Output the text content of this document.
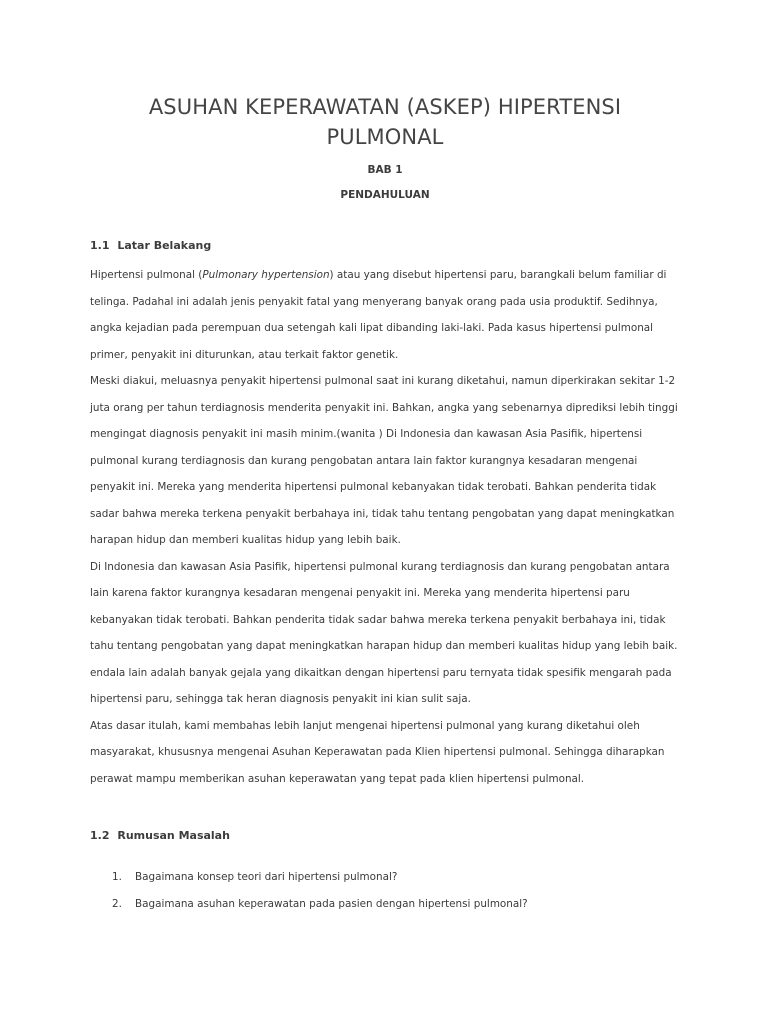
ASUHAN KEPERAWATAN (ASKEP) HIPERTENSI PULMONAL

BAB 1

PENDAHULUAN

1.1 Latar Belakang

Hipertensi pulmonal (Pulmonary hypertension) atau yang disebut hipertensi paru, barangkali belum familiar di telinga. Padahal ini adalah jenis penyakit fatal yang menyerang banyak orang pada usia produktif. Sedihnya, angka kejadian pada perempuan dua setengah kali lipat dibanding laki-laki. Pada kasus hipertensi pulmonal primer, penyakit ini diturunkan, atau terkait faktor genetik.

Meski diakui, meluasnya penyakit hipertensi pulmonal saat ini kurang diketahui, namun diperkirakan sekitar 1-2 juta orang per tahun terdiagnosis menderita penyakit ini. Bahkan, angka yang sebenarnya diprediksi lebih tinggi mengingat diagnosis penyakit ini masih minim.(wanita ) Di Indonesia dan kawasan Asia Pasifik, hipertensi pulmonal kurang terdiagnosis dan kurang pengobatan antara lain faktor kurangnya kesadaran mengenai penyakit ini. Mereka yang menderita hipertensi pulmonal kebanyakan tidak terobati. Bahkan penderita tidak sadar bahwa mereka terkena penyakit berbahaya ini, tidak tahu tentang pengobatan yang dapat meningkatkan harapan hidup dan memberi kualitas hidup yang lebih baik.

Di Indonesia dan kawasan Asia Pasifik, hipertensi pulmonal kurang terdiagnosis dan kurang pengobatan antara lain karena faktor kurangnya kesadaran mengenai penyakit ini. Mereka yang menderita hipertensi paru kebanyakan tidak terobati. Bahkan penderita tidak sadar bahwa mereka terkena penyakit berbahaya ini, tidak tahu tentang pengobatan yang dapat meningkatkan harapan hidup dan memberi kualitas hidup yang lebih baik. endala lain adalah banyak gejala yang dikaitkan dengan hipertensi paru ternyata tidak spesifik mengarah pada hipertensi paru, sehingga tak heran diagnosis penyakit ini kian sulit saja.

Atas dasar itulah, kami membahas lebih lanjut mengenai hipertensi pulmonal yang kurang diketahui oleh masyarakat, khususnya mengenai Asuhan Keperawatan pada Klien hipertensi pulmonal. Sehingga diharapkan perawat mampu memberikan asuhan keperawatan yang tepat pada klien hipertensi pulmonal.

1.2 Rumusan Masalah
1.	Bagaimana konsep teori dari hipertensi pulmonal?
2.	Bagaimana asuhan keperawatan pada pasien dengan hipertensi pulmonal?
